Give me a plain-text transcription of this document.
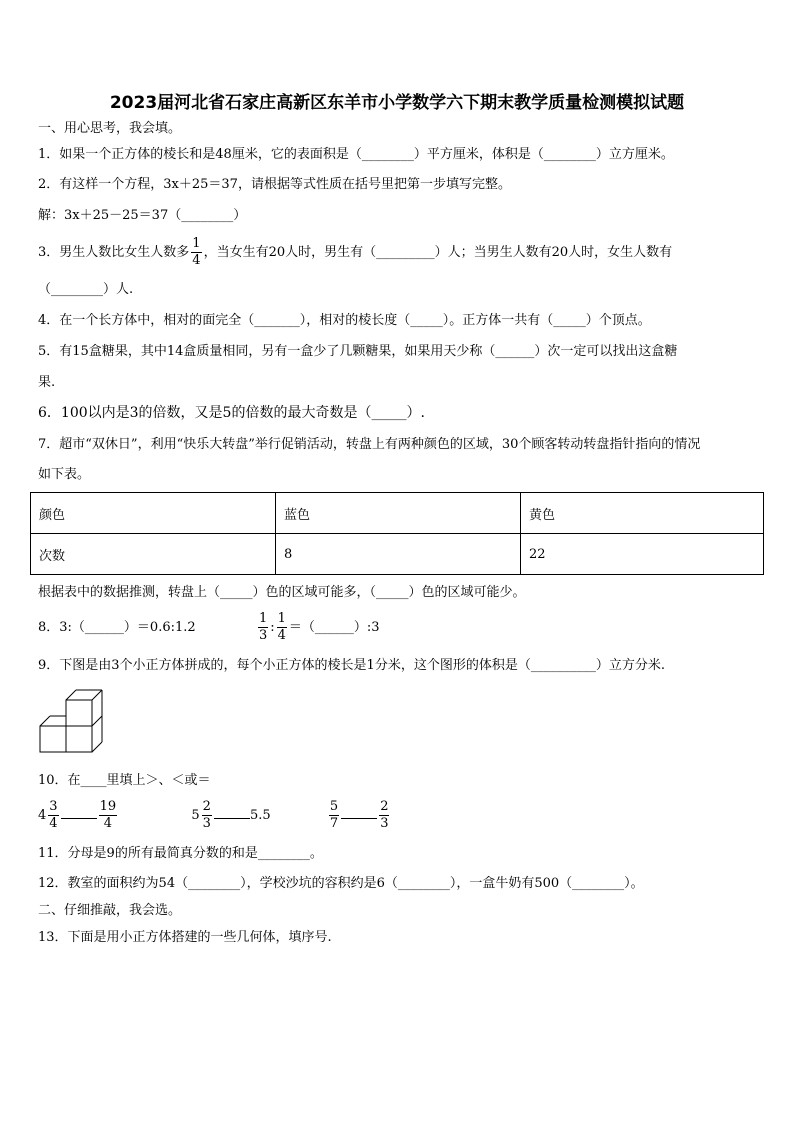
2023届河北省石家庄高新区东羊市小学数学六下期末教学质量检测模拟试题
一、用心思考，我会填。
1．如果一个正方体的棱长和是48厘米，它的表面积是（________）平方厘米，体积是（________）立方厘米。
2．有这样一个方程，3x＋25＝37，请根据等式性质在括号里把第一步填写完整。
解：3x＋25－25＝37（________）
3．男生人数比女生人数多 $\frac{1}{4}$ ，当女生有20人时，男生有（_________）人；当男生人数有20人时，女生人数有
（________）人.
4．在一个长方体中，相对的面完全（_______），相对的棱长度（_____）。正方体一共有（_____）个顶点。
5．有15盒糖果，其中14盒质量相同，另有一盒少了几颗糖果，如果用天少称（______）次一定可以找出这盒糖
果.
6．100以内是3的倍数，又是5的倍数的最大奇数是（_____）.
7．超市“双休日”，利用“快乐大转盘”举行促销活动，转盘上有两种颜色的区域，30个顾客转动转盘指针指向的情况
如下表。
颜色	蓝色	黄色
次数	8	22
根据表中的数据推测，转盘上（_____）色的区域可能多，（_____）色的区域可能少。
8．3:（______）＝0.6:1.2	$\frac{1}{3}$ : $\frac{1}{4}$ ＝（______）:3
9．下图是由3个小正方体拼成的，每个小正方体的棱长是1分米，这个图形的体积是（__________）立方分米.
10．在____里填上＞、＜或＝
$4 \frac{3}{4}$	$\frac{19}{4}$	$5 \frac{2}{3}$	5.5	$\frac{5}{7}$	$\frac{2}{3}$
11．分母是9的所有最简真分数的和是________。
12．教室的面积约为54（________），学校沙坑的容积约是6（________），一盒牛奶有500（________）。
二、仔细推敲，我会选。
13．下面是用小正方体搭建的一些几何体，填序号.
